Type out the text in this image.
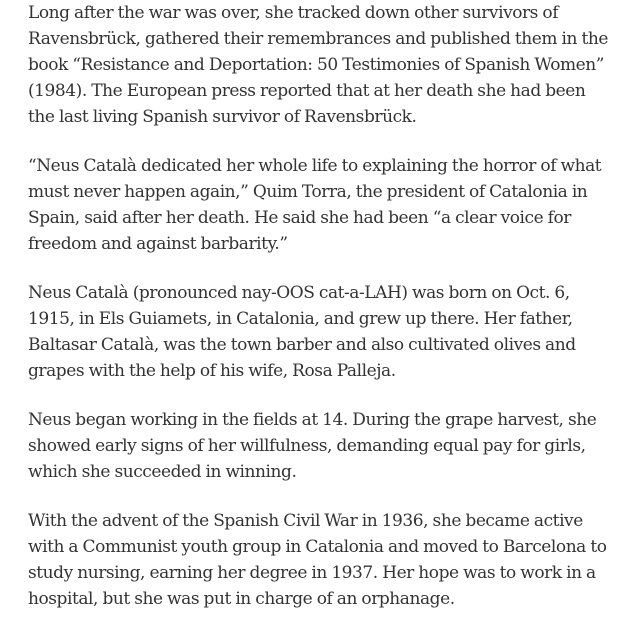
Long after the war was over, she tracked down other survivors of
Ravensbrück, gathered their remembrances and published them in the
book “Resistance and Deportation: 50 Testimonies of Spanish Women”
(1984). The European press reported that at her death she had been
the last living Spanish survivor of Ravensbrück.

“Neus Català dedicated her whole life to explaining the horror of what
must never happen again,” Quim Torra, the president of Catalonia in
Spain, said after her death. He said she had been “a clear voice for
freedom and against barbarity.”

Neus Català (pronounced nay-OOS cat-a-LAH) was born on Oct. 6,
1915, in Els Guiamets, in Catalonia, and grew up there. Her father,
Baltasar Català, was the town barber and also cultivated olives and
grapes with the help of his wife, Rosa Palleja.

Neus began working in the fields at 14. During the grape harvest, she
showed early signs of her willfulness, demanding equal pay for girls,
which she succeeded in winning.

With the advent of the Spanish Civil War in 1936, she became active
with a Communist youth group in Catalonia and moved to Barcelona to
study nursing, earning her degree in 1937. Her hope was to work in a
hospital, but she was put in charge of an orphanage.
